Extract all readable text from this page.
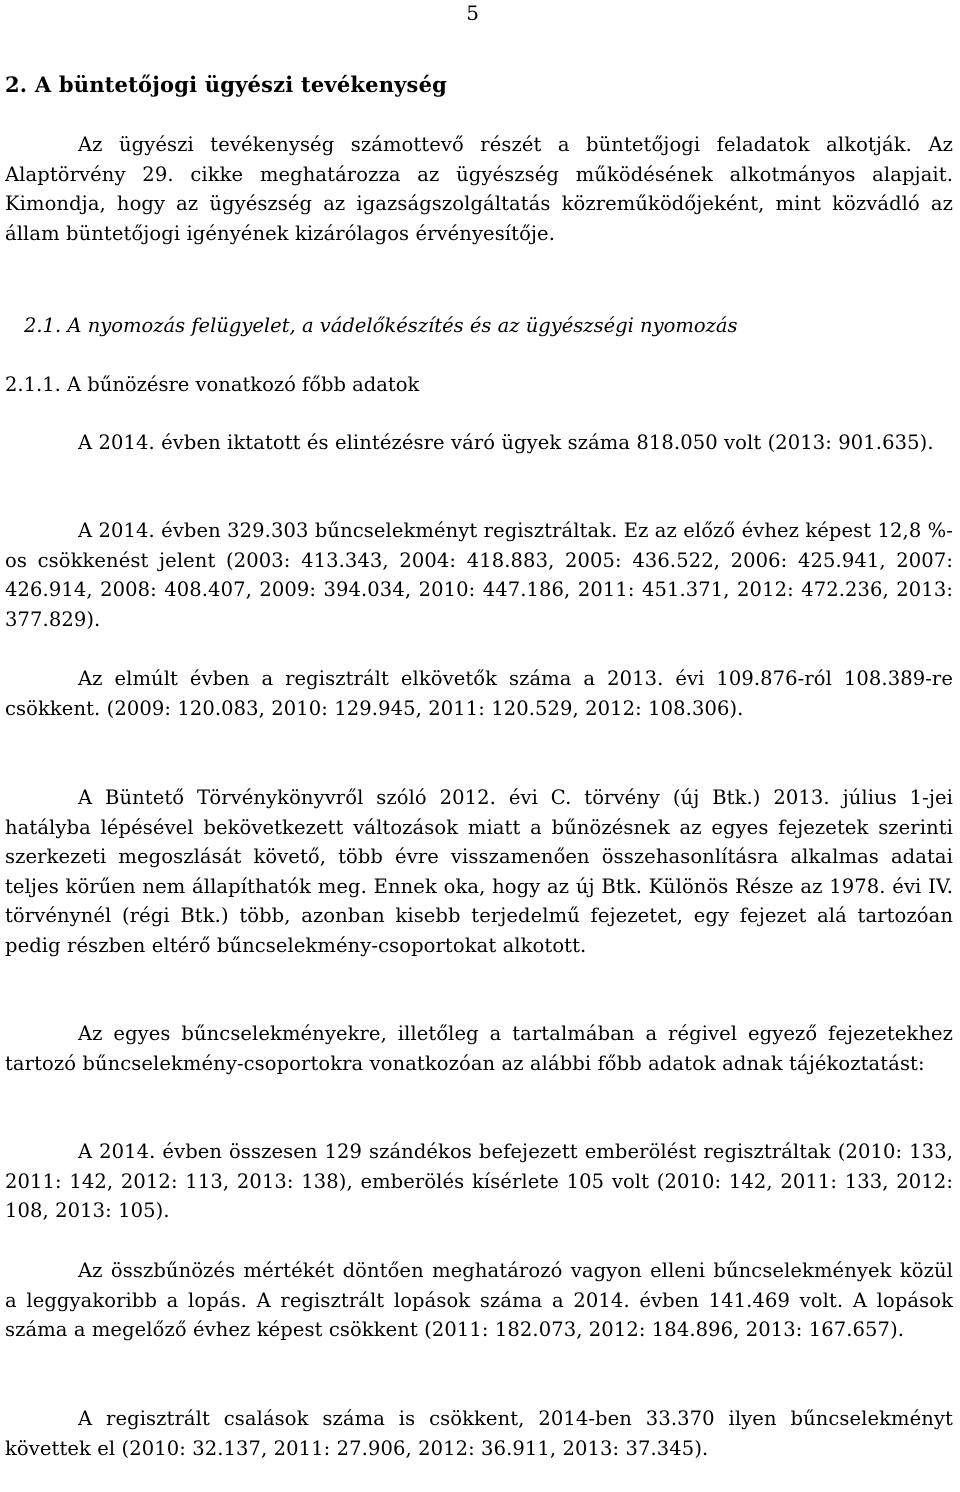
5
2. A büntetőjogi ügyészi tevékenység
Az ügyészi tevékenység számottevő részét a büntetőjogi feladatok alkotják. Az Alaptörvény 29. cikke meghatározza az ügyészség működésének alkotmányos alapjait. Kimondja, hogy az ügyészség az igazságszolgáltatás közreműködőjeként, mint közvádló az állam büntetőjogi igényének kizárólagos érvényesítője.
2.1. A nyomozás felügyelet, a vádelőkészítés és az ügyészségi nyomozás
2.1.1. A bűnözésre vonatkozó főbb adatok
A 2014. évben iktatott és elintézésre váró ügyek száma 818.050 volt (2013: 901.635).
A 2014. évben 329.303 bűncselekményt regisztráltak. Ez az előző évhez képest 12,8 %-os csökkenést jelent (2003: 413.343, 2004: 418.883, 2005: 436.522, 2006: 425.941, 2007: 426.914, 2008: 408.407, 2009: 394.034, 2010: 447.186, 2011: 451.371, 2012: 472.236, 2013: 377.829).
Az elmúlt évben a regisztrált elkövetők száma a 2013. évi 109.876-ról 108.389-re csökkent. (2009: 120.083, 2010: 129.945, 2011: 120.529, 2012: 108.306).
A Büntető Törvénykönyvről szóló 2012. évi C. törvény (új Btk.) 2013. július 1-jei hatályba lépésével bekövetkezett változások miatt a bűnözésnek az egyes fejezetek szerinti szerkezeti megoszlását követő, több évre visszamenően összehasonlításra alkalmas adatai teljes körűen nem állapíthatók meg. Ennek oka, hogy az új Btk. Különös Része az 1978. évi IV. törvénynél (régi Btk.) több, azonban kisebb terjedelmű fejezetet, egy fejezet alá tartozóan pedig részben eltérő bűncselekmény-csoportokat alkotott.
Az egyes bűncselekményekre, illetőleg a tartalmában a régivel egyező fejezetekhez tartozó bűncselekmény-csoportokra vonatkozóan az alábbi főbb adatok adnak tájékoztatást:
A 2014. évben összesen 129 szándékos befejezett emberölést regisztráltak (2010: 133, 2011: 142, 2012: 113, 2013: 138), emberölés kísérlete 105 volt (2010: 142, 2011: 133, 2012: 108, 2013: 105).
Az összbűnözés mértékét döntően meghatározó vagyon elleni bűncselekmények közül a leggyakoribb a lopás. A regisztrált lopások száma a 2014. évben 141.469 volt. A lopások száma a megelőző évhez képest csökkent (2011: 182.073, 2012: 184.896, 2013: 167.657).
A regisztrált csalások száma is csökkent, 2014-ben 33.370 ilyen bűncselekményt követtek el (2010: 32.137, 2011: 27.906, 2012: 36.911, 2013: 37.345).
